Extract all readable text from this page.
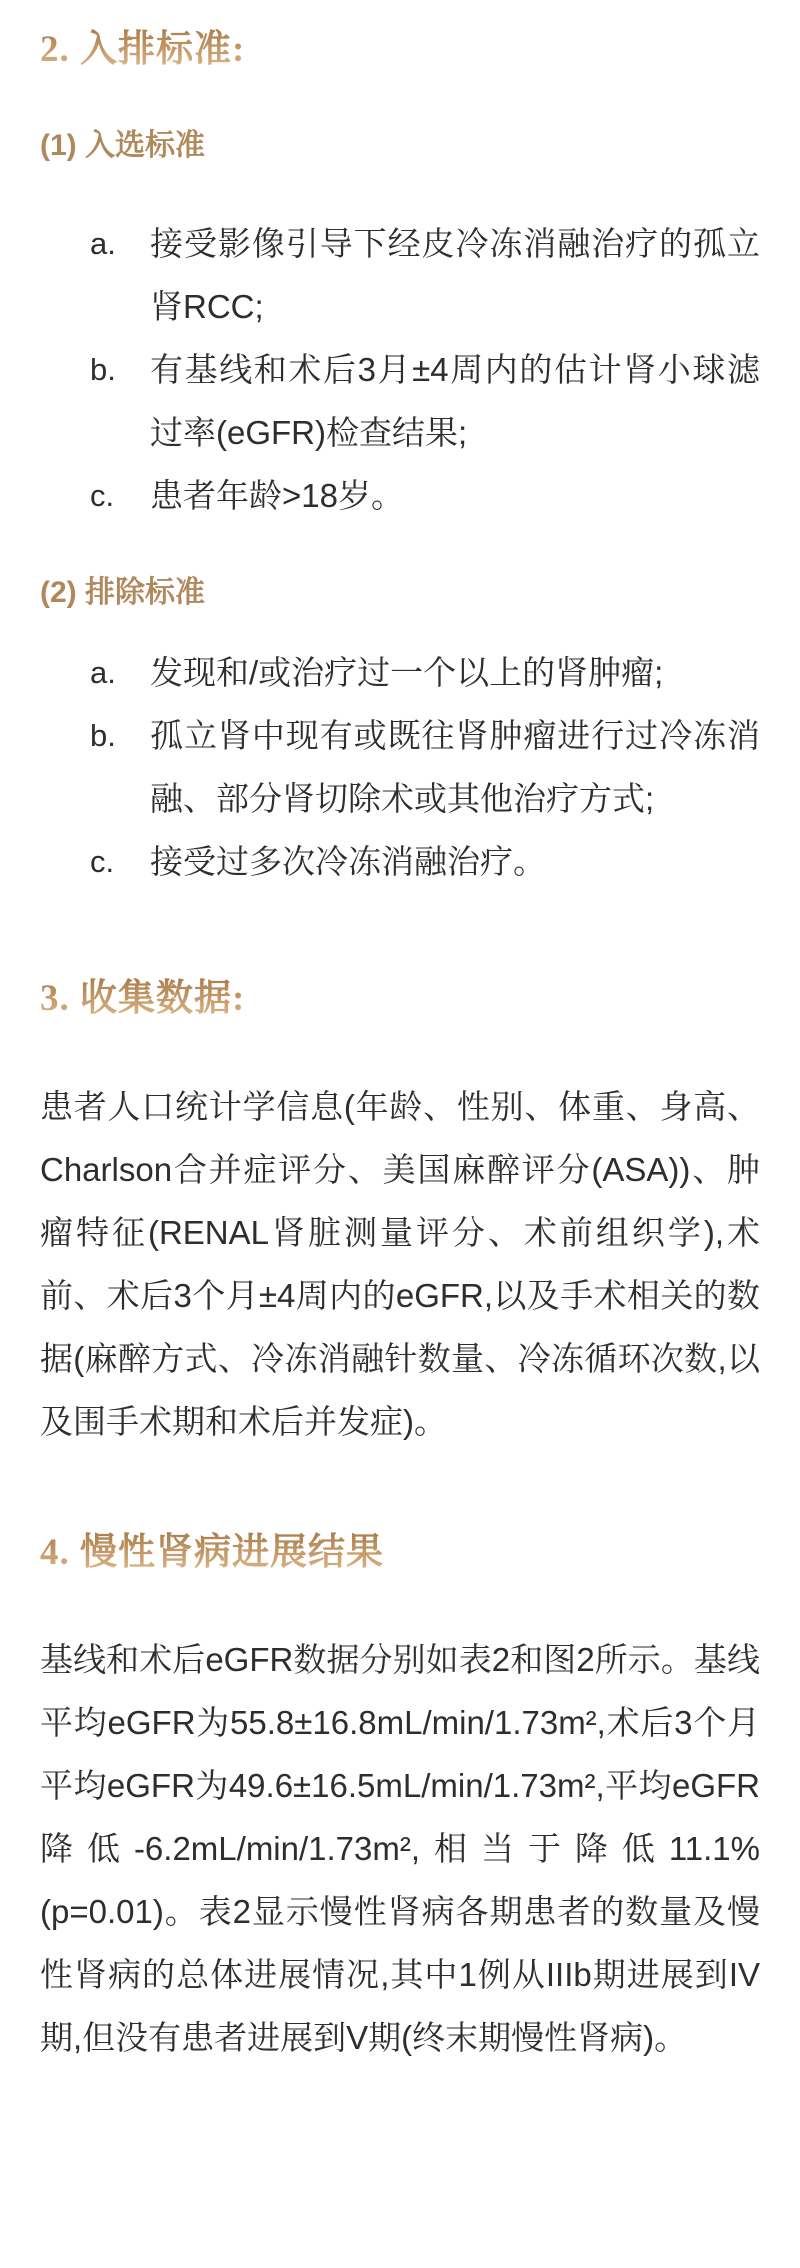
2. 入排标准:
(1) 入选标准
a.	接受影像引导下经皮冷冻消融治疗的孤立肾RCC;
b.	有基线和术后3月±4周内的估计肾小球滤过率(eGFR)检查结果;
c.	患者年龄>18岁。
(2) 排除标准
a.	发现和/或治疗过一个以上的肾肿瘤;
b.	孤立肾中现有或既往肾肿瘤进行过冷冻消融、部分肾切除术或其他治疗方式;
c.	接受过多次冷冻消融治疗。
3. 收集数据:

患者人口统计学信息(年龄、性别、体重、身高、Charlson合并症评分、美国麻醉评分(ASA))、肿瘤特征(RENAL肾脏测量评分、术前组织学),术前、术后3个月±4周内的eGFR,以及手术相关的数据(麻醉方式、冷冻消融针数量、冷冻循环次数,以及围手术期和术后并发症)。

4. 慢性肾病进展结果

基线和术后eGFR数据分别如表2和图2所示。基线平均eGFR为55.8±16.8mL/min/1.73m²,术后3个月平均eGFR为49.6±16.5mL/min/1.73m²,平均eGFR降低-6.2mL/min/1.73m²,相当于降低11.1%(p=0.01)。表2显示慢性肾病各期患者的数量及慢性肾病的总体进展情况,其中1例从IIIb期进展到IV期,但没有患者进展到V期(终末期慢性肾病)。
